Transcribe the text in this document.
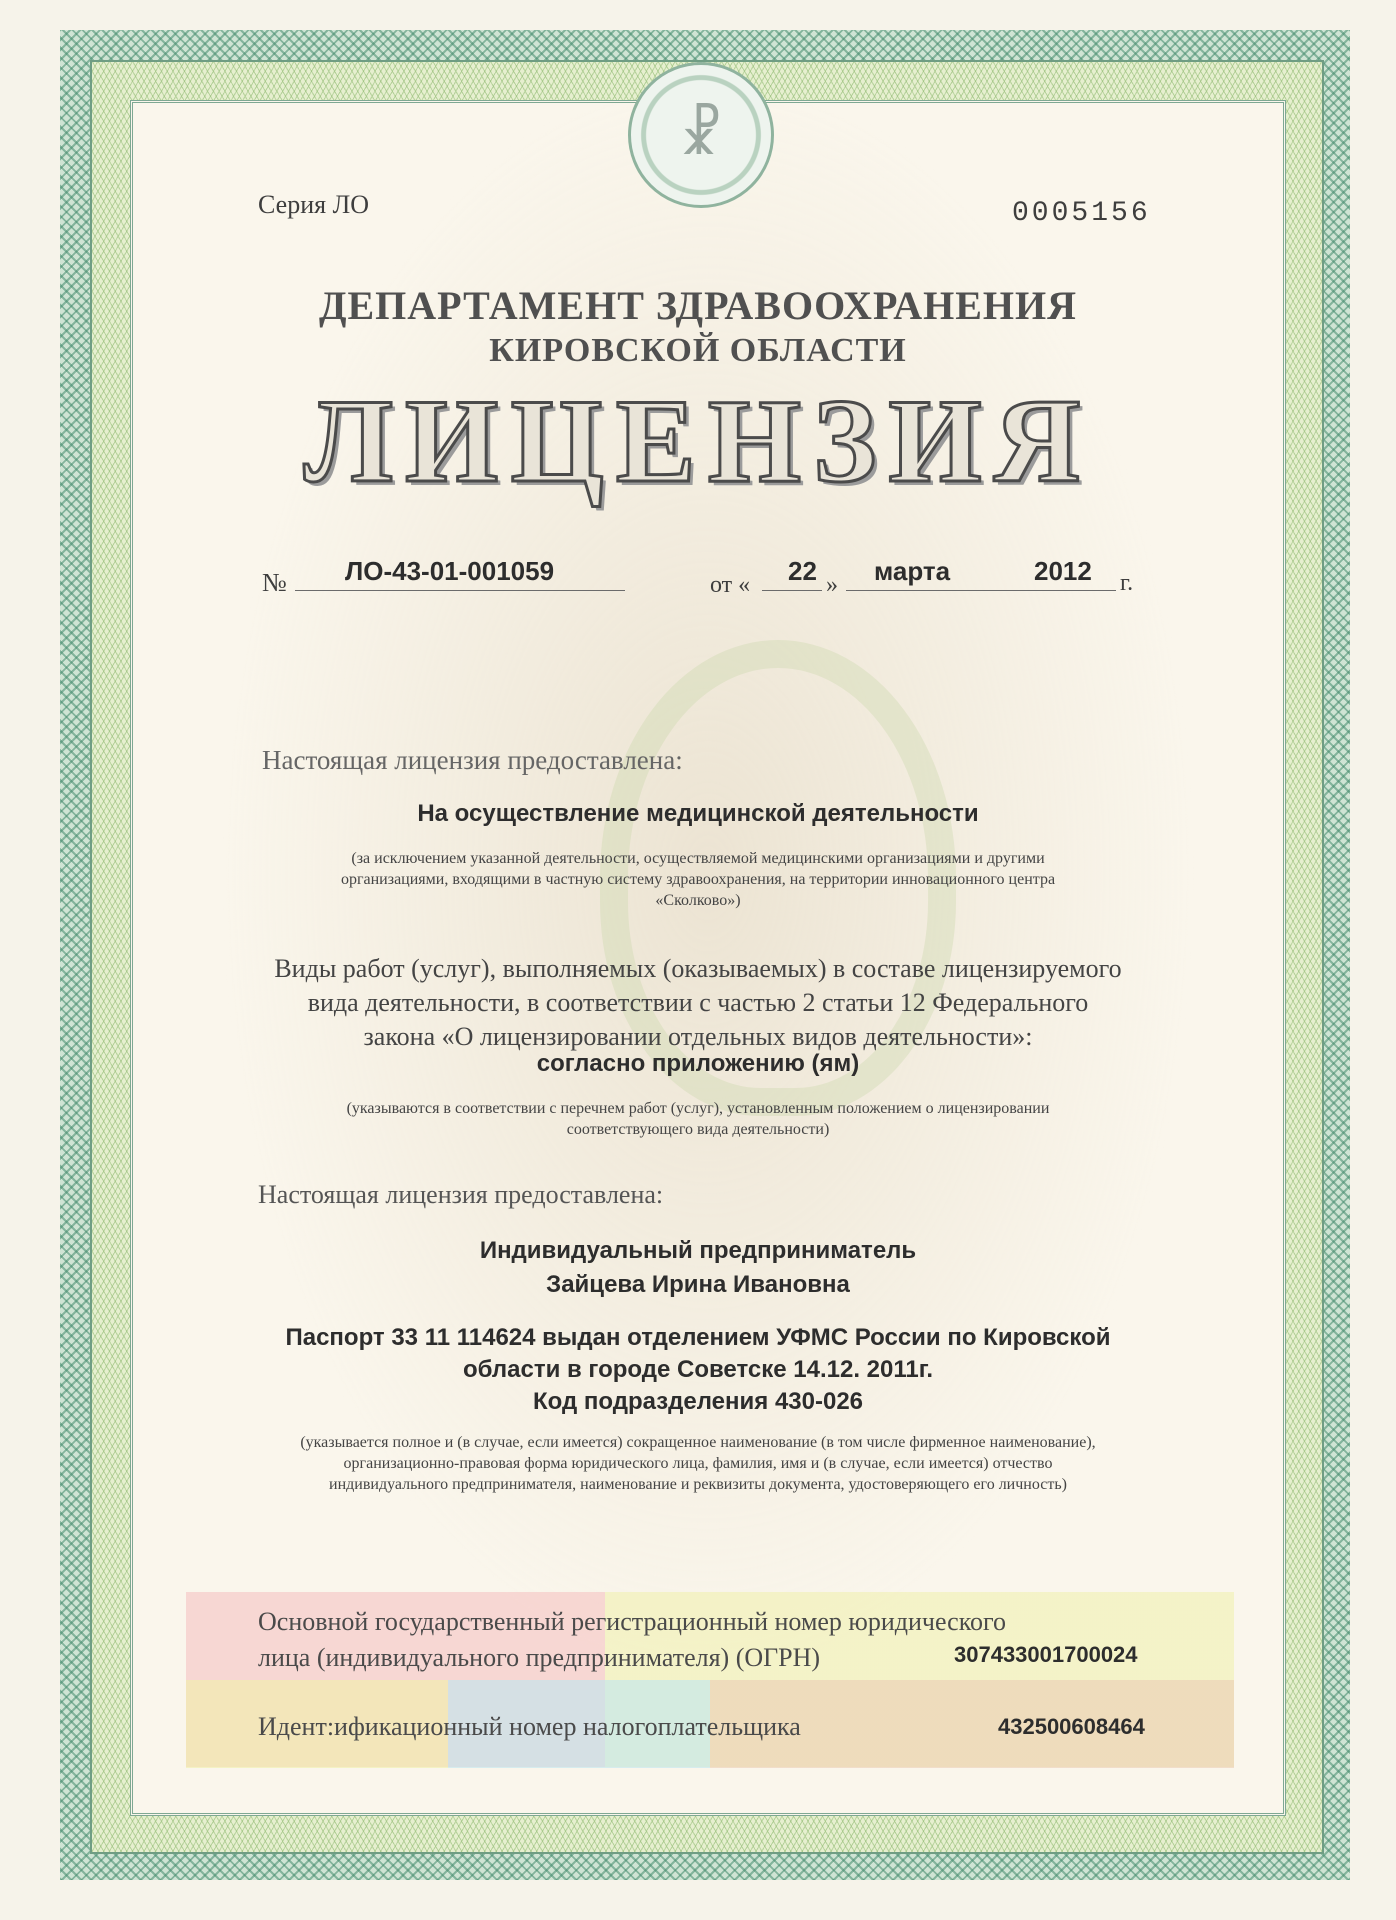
☧
Серия ЛО	0005156
ДЕПАРТАМЕНТ ЗДРАВООХРАНЕНИЯ
КИРОВСКОЙ ОБЛАСТИ
ЛИЦЕНЗИЯ
№ ЛО-43-01-001059	от « 22 » марта	2012 г.
Настоящая лицензия предоставлена:
На осуществление медицинской деятельности
(за исключением указанной деятельности, осуществляемой медицинскими организациями и другими
организациями, входящими в частную систему здравоохранения, на территории инновационного центра
«Сколково»)
Виды работ (услуг), выполняемых (оказываемых) в составе лицензируемого
вида деятельности, в соответствии с частью 2 статьи 12 Федерального
закона «О лицензировании отдельных видов деятельности»:
согласно приложению (ям)
(указываются в соответствии с перечнем работ (услуг), установленным положением о лицензировании
соответствующего вида деятельности)
Настоящая лицензия предоставлена:
Индивидуальный предприниматель
Зайцева Ирина Ивановна
Паспорт 33 11 114624 выдан отделением УФМС России по Кировской
области в городе Советске 14.12. 2011г.
Код подразделения 430-026
(указывается полное и (в случае, если имеется) сокращенное наименование (в том числе фирменное наименование),
организационно-правовая форма юридического лица, фамилия, имя и (в случае, если имеется) отчество
индивидуального предпринимателя, наименование и реквизиты документа, удостоверяющего его личность)
Основной государственный регистрационный номер юридического
лица (индивидуального предпринимателя) (ОГРН)	307433001700024
Идент:ификационный номер налогоплательщика	432500608464
